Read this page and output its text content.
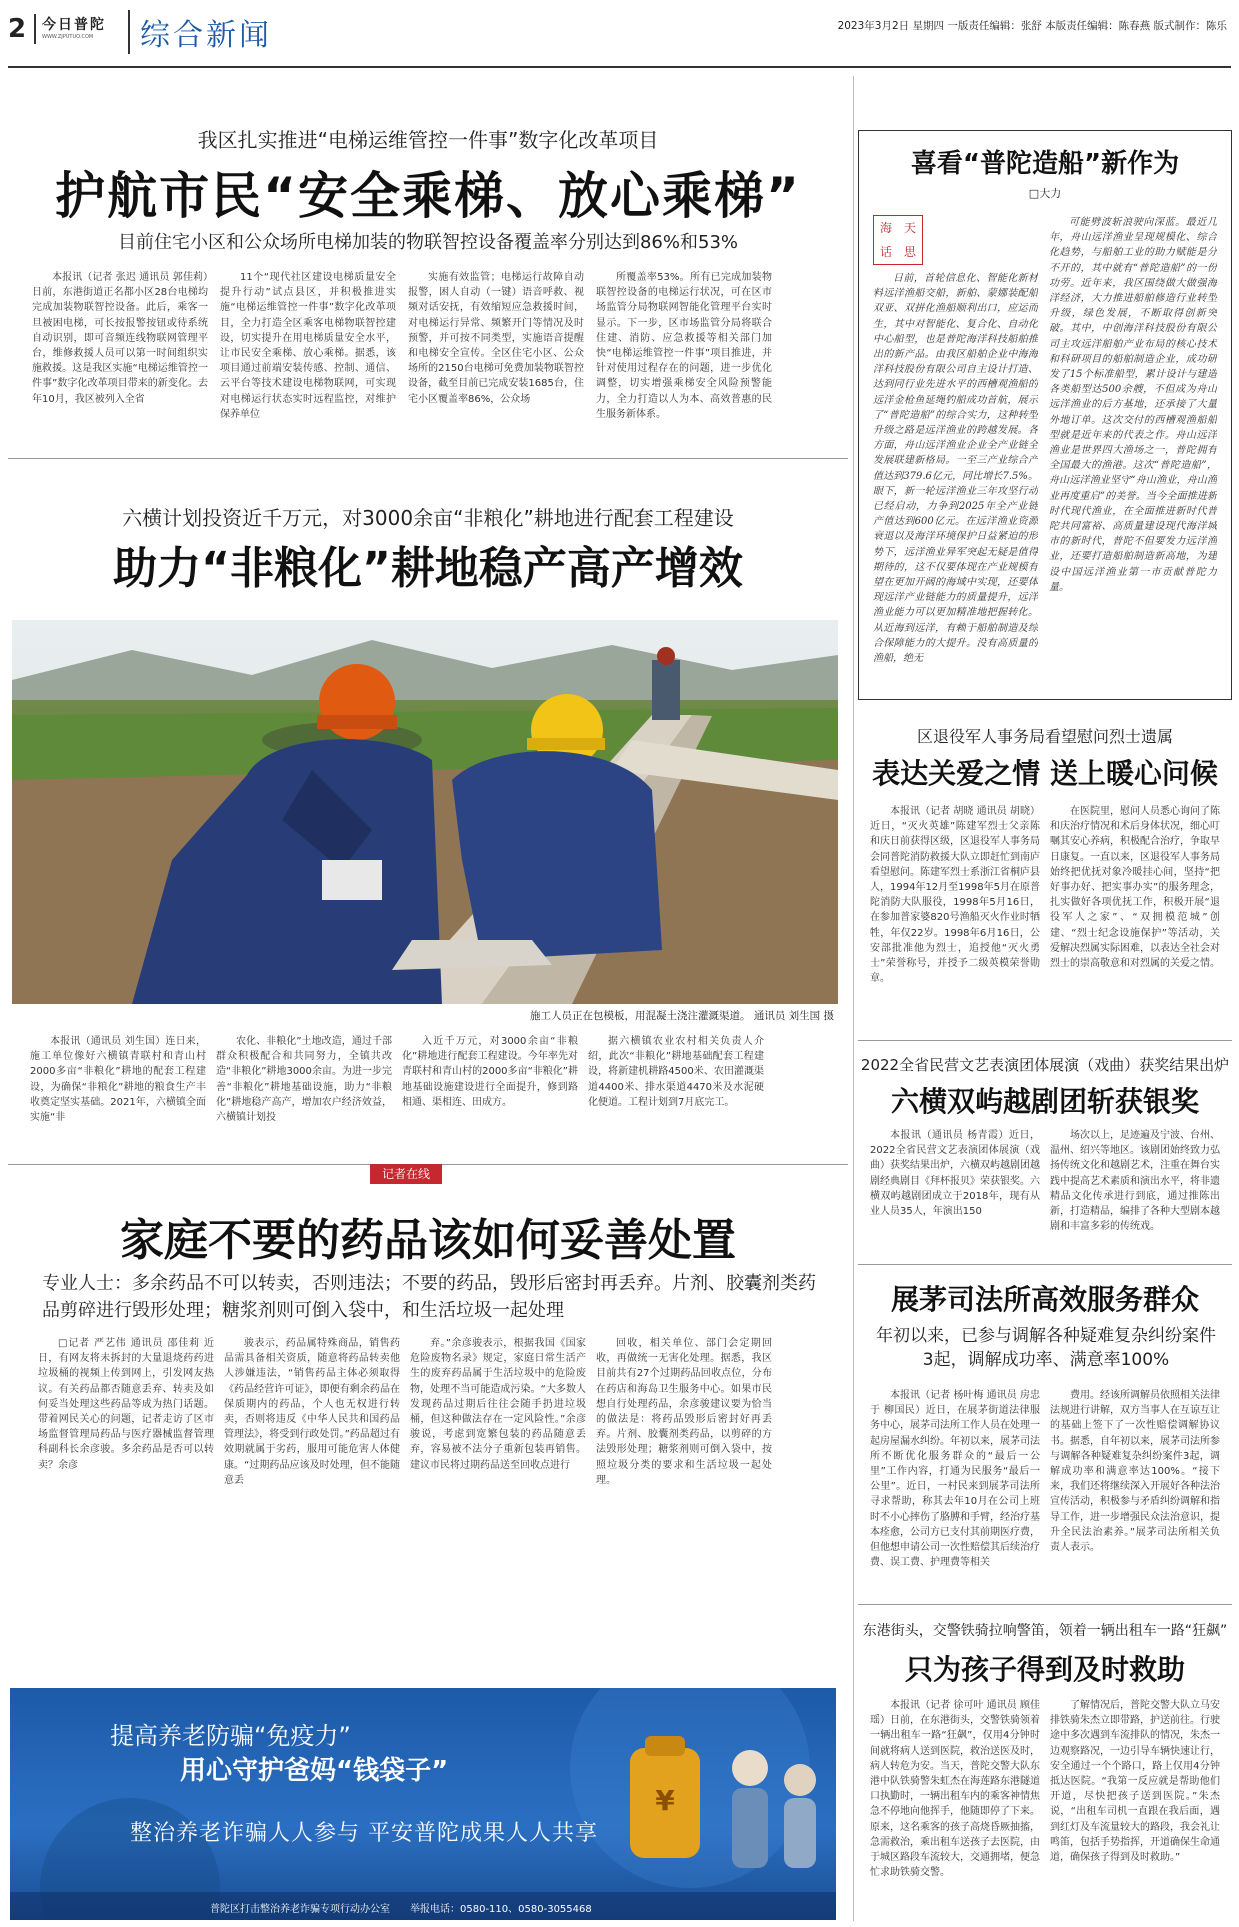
2 今日普陀
WWW.ZJPUTUO.COM	综合新闻	2023年3月2日 星期四 一版责任编辑：张舒 本版责任编辑：陈春燕 版式制作：陈乐
我区扎实推进“电梯运维管控一件事”数字化改革项目
护航市民“安全乘梯、放心乘梯”
目前住宅小区和公众场所电梯加装的物联智控设备覆盖率分别达到86%和53%

本报讯（记者 张迟 通讯员 郭佳莉）日前，东港街道正名都小区28台电梯均完成加装物联智控设备。此后，乘客一旦被困电梯，可长按报警按钮或待系统自动识别，即可音频连线物联网管理平台，维修救援人员可以第一时间组织实施救援。这是我区实施“电梯运维管控一件事”数字化改革项目带来的新变化。去年10月，我区被列入全省

11个“现代社区建设电梯质量安全提升行动”试点县区，并积极推进实施“电梯运维管控一件事”数字化改革项目，全力打造全区乘客电梯物联智控建设，切实提升在用电梯质量安全水平，让市民安全乘梯、放心乘梯。据悉，该项目通过前端安装传感、控制、通信、云平台等技术建设电梯物联网，可实现对电梯运行状态实时远程监控，对维护保养单位

实施有效监管；电梯运行故障自动报警，困人自动（一键）语音呼救、视频对话安抚，有效缩短应急救援时间，对电梯运行异常、频繁开门等情况及时预警，并可按不同类型，实施语音提醒和电梯安全宣传。全区住宅小区、公众场所的2150台电梯可免费加装物联智控设备，截至目前已完成安装1685台，住宅小区覆盖率86%，公众场

所覆盖率53%。所有已完成加装物联智控设备的电梯运行状况，可在区市场监管分局物联网智能化管理平台实时显示。下一步，区市场监管分局将联合住建、消防、应急救援等相关部门加快“电梯运维管控一件事”项目推进，并针对使用过程存在的问题，进一步优化调整，切实增强乘梯安全风险预警能力，全力打造以人为本、高效普惠的民生服务新体系。

六横计划投资近千万元，对3000余亩“非粮化”耕地进行配套工程建设
助力“非粮化”耕地稳产高产增效
施工人员正在包模板，用混凝土浇注灌溉渠道。 通讯员 刘生国 摄

本报讯（通讯员 刘生国）连日来，施工单位像好六横镇青联村和青山村2000多亩“非粮化”耕地的配套工程建设，为确保“非粮化”耕地的粮食生产丰收奠定坚实基础。2021年，六横镇全面实施“非

农化、非粮化”土地改造，通过千部群众积极配合和共同努力，全镇共改造“非粮化”耕地3000余亩。为进一步完善“非粮化”耕地基础设施，助力“非粮化”耕地稳产高产，增加农户经济效益，六横镇计划投

入近千万元，对3000余亩“非粮化”耕地进行配套工程建设。今年率先对青联村和青山村的2000多亩“非粮化”耕地基础设施建设进行全面提升，修到路相通、渠相连、田成方。

据六横镇农业农村相关负责人介绍，此次“非粮化”耕地基础配套工程建设，将新建机耕路4500米、农田灌溉渠道4400米、排水渠道4470米及水泥硬化便道。工程计划到7月底完工。

记者在线
家庭不要的药品该如何妥善处置
专业人士：多余药品不可以转卖，否则违法；不要的药品，毁形后密封再丢弃。片剂、胶囊剂类药品剪碎进行毁形处理；糖浆剂则可倒入袋中，和生活垃圾一起处理

□记者 严艺伟 通讯员 邵佳莉 近日，有网友将未拆封的大量退烧药药进垃圾桶的视频上传到网上，引发网友热议。有关药品都否随意丢弃、转卖及如何妥当处理这些药品等成为热门话题。带着网民关心的问题，记者走访了区市场监督管理局药品与医疗器械监督管理科副科长余彦骏。多余药品是否可以转卖？余彦

骏表示，药品属特殊商品，销售药品需具备相关资质，随意将药品转卖他人涉嫌违法，“销售药品主体必须取得《药品经营许可证》，即便有剩余药品在保质期内的药品，个人也无权进行转卖，否则将违反《中华人民共和国药品管理法》，将受到行政处罚。”药品超过有效期就属于劣药，服用可能危害人体健康。“过期药品应该及时处理，但不能随意丢

弃。”余彦骏表示，根据我国《国家危险废物名录》规定，家庭日常生活产生的废弃药品属于生活垃圾中的危险废物，处理不当可能造成污染。“大多数人发现药品过期后往往会随手扔进垃圾桶，但这种做法存在一定风险性。”余彦骏说，考虑到宽繁包装的药品随意丢弃，容易被不法分子重新包装再销售。建议市民将过期药品送至回收点进行

回收，相关单位、部门会定期回收，再做统一无害化处理。据悉，我区目前共有27个过期药品回收点位，分布在药店和海岛卫生服务中心。如果市民想自行处理药品，余彦骏建议要为恰当的做法是：将药品毁形后密封好再丢弃。片剂、胶囊剂类药品，以剪碎的方法毁形处理；糖浆剂则可倒入袋中，按照垃圾分类的要求和生活垃圾一起处理。

¥
提高养老防骗“免疫力”
用心守护爸妈“钱袋子”
整治养老诈骗人人参与 平安普陀成果人人共享
普陀区打击整治养老诈骗专项行动办公室 举报电话：0580-110、0580-3055468
喜看“普陀造船”新作为
□大力
海 天
话 思

日前，首轮信息化、智能化新材料远洋渔船交船，新舶、蒙娜装配船双亚、双拼化渔船顺利出口，应运而生，其中对智能化、复合化、自动化中心船型，也是普陀海洋科技船舶推出的新产品。由我区船舶企业中海海洋科技股份有限公司自主设计打造、达到同行业先进水平的西槽观渔船的远洋金枪鱼延绳钓船成功首航，展示了“普陀造船”的综合实力，这种转型升级之路是远洋渔业的跨越发展。各方面，舟山远洋渔业企业全产业链全发展联建新格局。一至三产业综合产值达到379.6亿元，同比增长7.5%。眼下，新一轮远洋渔业三年攻坚行动已经启动，力争到2025年全产业链产值达到600亿元。在远洋渔业资源衰退以及海洋环境保护日益紧迫的形势下，远洋渔业异军突起无疑是值得期待的，这不仅要体现在产业规模有望在更加开阔的海域中实现，还要体现远洋产业链能力的质量提升，远洋渔业能力可以更加精准地把握转化。从近海到远洋，有赖于船舶制造及综合保障能力的大提升。没有高质量的渔船，绝无

可能劈波斩浪驶向深蓝。最近几年，舟山远洋渔业呈现规模化、综合化趋势，与船舶工业的助力赋能是分不开的，其中就有“普陀造船”的一份功劳。近年来，我区围绕做大做强海洋经济，大力推进船舶修造行业转型升级，绿色发展，不断取得创新突破。其中，中创海洋科技股份有限公司主攻远洋船舶产业布局的核心技术和科研项目的船舶制造企业，成功研发了15个标准船型，累计设计与建造各类船型达500余艘，不但成为舟山远洋渔业的后方基地，还承接了大量外地订单。这次交付的西槽观渔船船型就是近年来的代表之作。舟山远洋渔业是世界四大渔场之一，普陀拥有全国最大的渔港。这次“普陀造船”，舟山远洋渔业坚守“舟山渔业，舟山渔业再度重启”的美誉。当今全面推进新时代现代渔业，在全面推进新时代普陀共同富裕、高质量建设现代海洋城市的新时代，普陀不但要发力远洋渔业，还要打造船舶制造新高地，为建设中国远洋渔业第一市贡献普陀力量。

区退役军人事务局看望慰问烈士遗属
表达关爱之情 送上暖心问候

本报讯（记者 胡晓 通讯员 胡晓）近日，“灭火英雄”陈建军烈士父亲陈和庆日前获得区级，区退役军人事务局会同普陀消防救援大队立即赶忙到南庐看望慰问。陈建军烈士系浙江省桐庐县人，1994年12月至1998年5月在原普陀消防大队服役，1998年5月16日，在参加普家婆820号渔船灭火作业时牺牲，年仅22岁。1998年6月16日，公安部批准他为烈士，追授他“灭火勇士”荣誉称号，并授予二级英模荣誉勋章。

在医院里，慰问人员悉心询问了陈和庆治疗情况和术后身体状况，细心叮嘱其安心养病，积极配合治疗，争取早日康复。一直以来，区退役军人事务局始终把优抚对象冷暖挂心间，坚持“把好事办好、把实事办实”的服务理念，扎实做好各项优抚工作，积极开展“退役军人之家”、“双拥模范城”创建、“烈士纪念设施保护”等活动，关爱解决烈属实际困难，以表达全社会对烈士的崇高敬意和对烈属的关爱之情。

2022全省民营文艺表演团体展演（戏曲）获奖结果出炉
六横双屿越剧团斩获银奖

本报讯（通讯员 杨青霞）近日，2022全省民营文艺表演团体展演（戏曲）获奖结果出炉，六横双屿越剧团越剧经典剧目《拜杯报贝》荣获银奖。六横双屿越剧团成立于2018年，现有从业人员35人，年演出150

场次以上，足迹遍及宁波、台州、温州、绍兴等地区。该剧团始终致力弘扬传统文化和越剧艺术，注重在舞台实践中提高艺术素质和演出水平，将非遗精品文化传承进行到底，通过推陈出新，打造精品，编排了各种大型剧本越剧和丰富多彩的传统戏。

展茅司法所高效服务群众
年初以来，已参与调解各种疑难复杂纠纷案件3起，调解成功率、满意率100%

本报讯（记者 杨叶梅 通讯员 房忠于 柳国民）近日，在展茅街道法律服务中心，展茅司法所工作人员在处理一起房屋漏水纠纷。年初以来，展茅司法所不断优化服务群众的“最后一公里”工作内容，打通为民服务“最后一公里”。近日，一村民来到展茅司法所寻求帮助，称其去年10月在公司上班时不小心摔伤了胳膊和手臂，经治疗基本痊愈，公司方已支付其前期医疗费，但他想申请公司一次性赔偿其后续治疗费、误工费、护理费等相关

费用。经该所调解员依照相关法律法规进行讲解，双方当事人在互谅互让的基础上签下了一次性赔偿调解协议书。据悉，自年初以来，展茅司法所参与调解各种疑难复杂纠纷案件3起，调解成功率和满意率达100%。“接下来，我们还将继续深入开展好各种法治宣传活动，积极参与矛盾纠纷调解和指导工作，进一步增强民众法治意识，提升全民法治素养。”展茅司法所相关负责人表示。

东港街头，交警铁骑拉响警笛，领着一辆出租车一路“狂飙”
只为孩子得到及时救助

本报讯（记者 徐可叶 通讯员 顾佳瑶）日前，在东港街头，交警铁骑领着一辆出租车一路“狂飙”，仅用4分钟时间就将病人送到医院，救治送医及时，病人转危为安。当天，普陀交警大队东港中队铁骑警朱虹杰在海莲路东港隧道口执勤时，一辆出租车内的乘客神情焦急不停地向他挥手，他随即停了下来。原来，这名乘客的孩子高烧昏厥抽搐，急需救治，乘出租车送孩子去医院，由于城区路段车流较大，交通拥堵，便急忙求助铁骑交警。

了解情况后，普陀交警大队立马安排铁骑朱杰立即带路，护送前往。行驶途中多次遇到车流排队的情况，朱杰一边观察路况，一边引导车辆快速让行，安全通过一个个路口，路上仅用4分钟抵达医院。“我第一反应就是帮助他们开道，尽快把孩子送到医院。”朱杰说，“出租车司机一直跟在我后面，遇到红灯及车流量较大的路段，我会礼让鸣笛，包括手势指挥，开道确保生命通道，确保孩子得到及时救助。”
